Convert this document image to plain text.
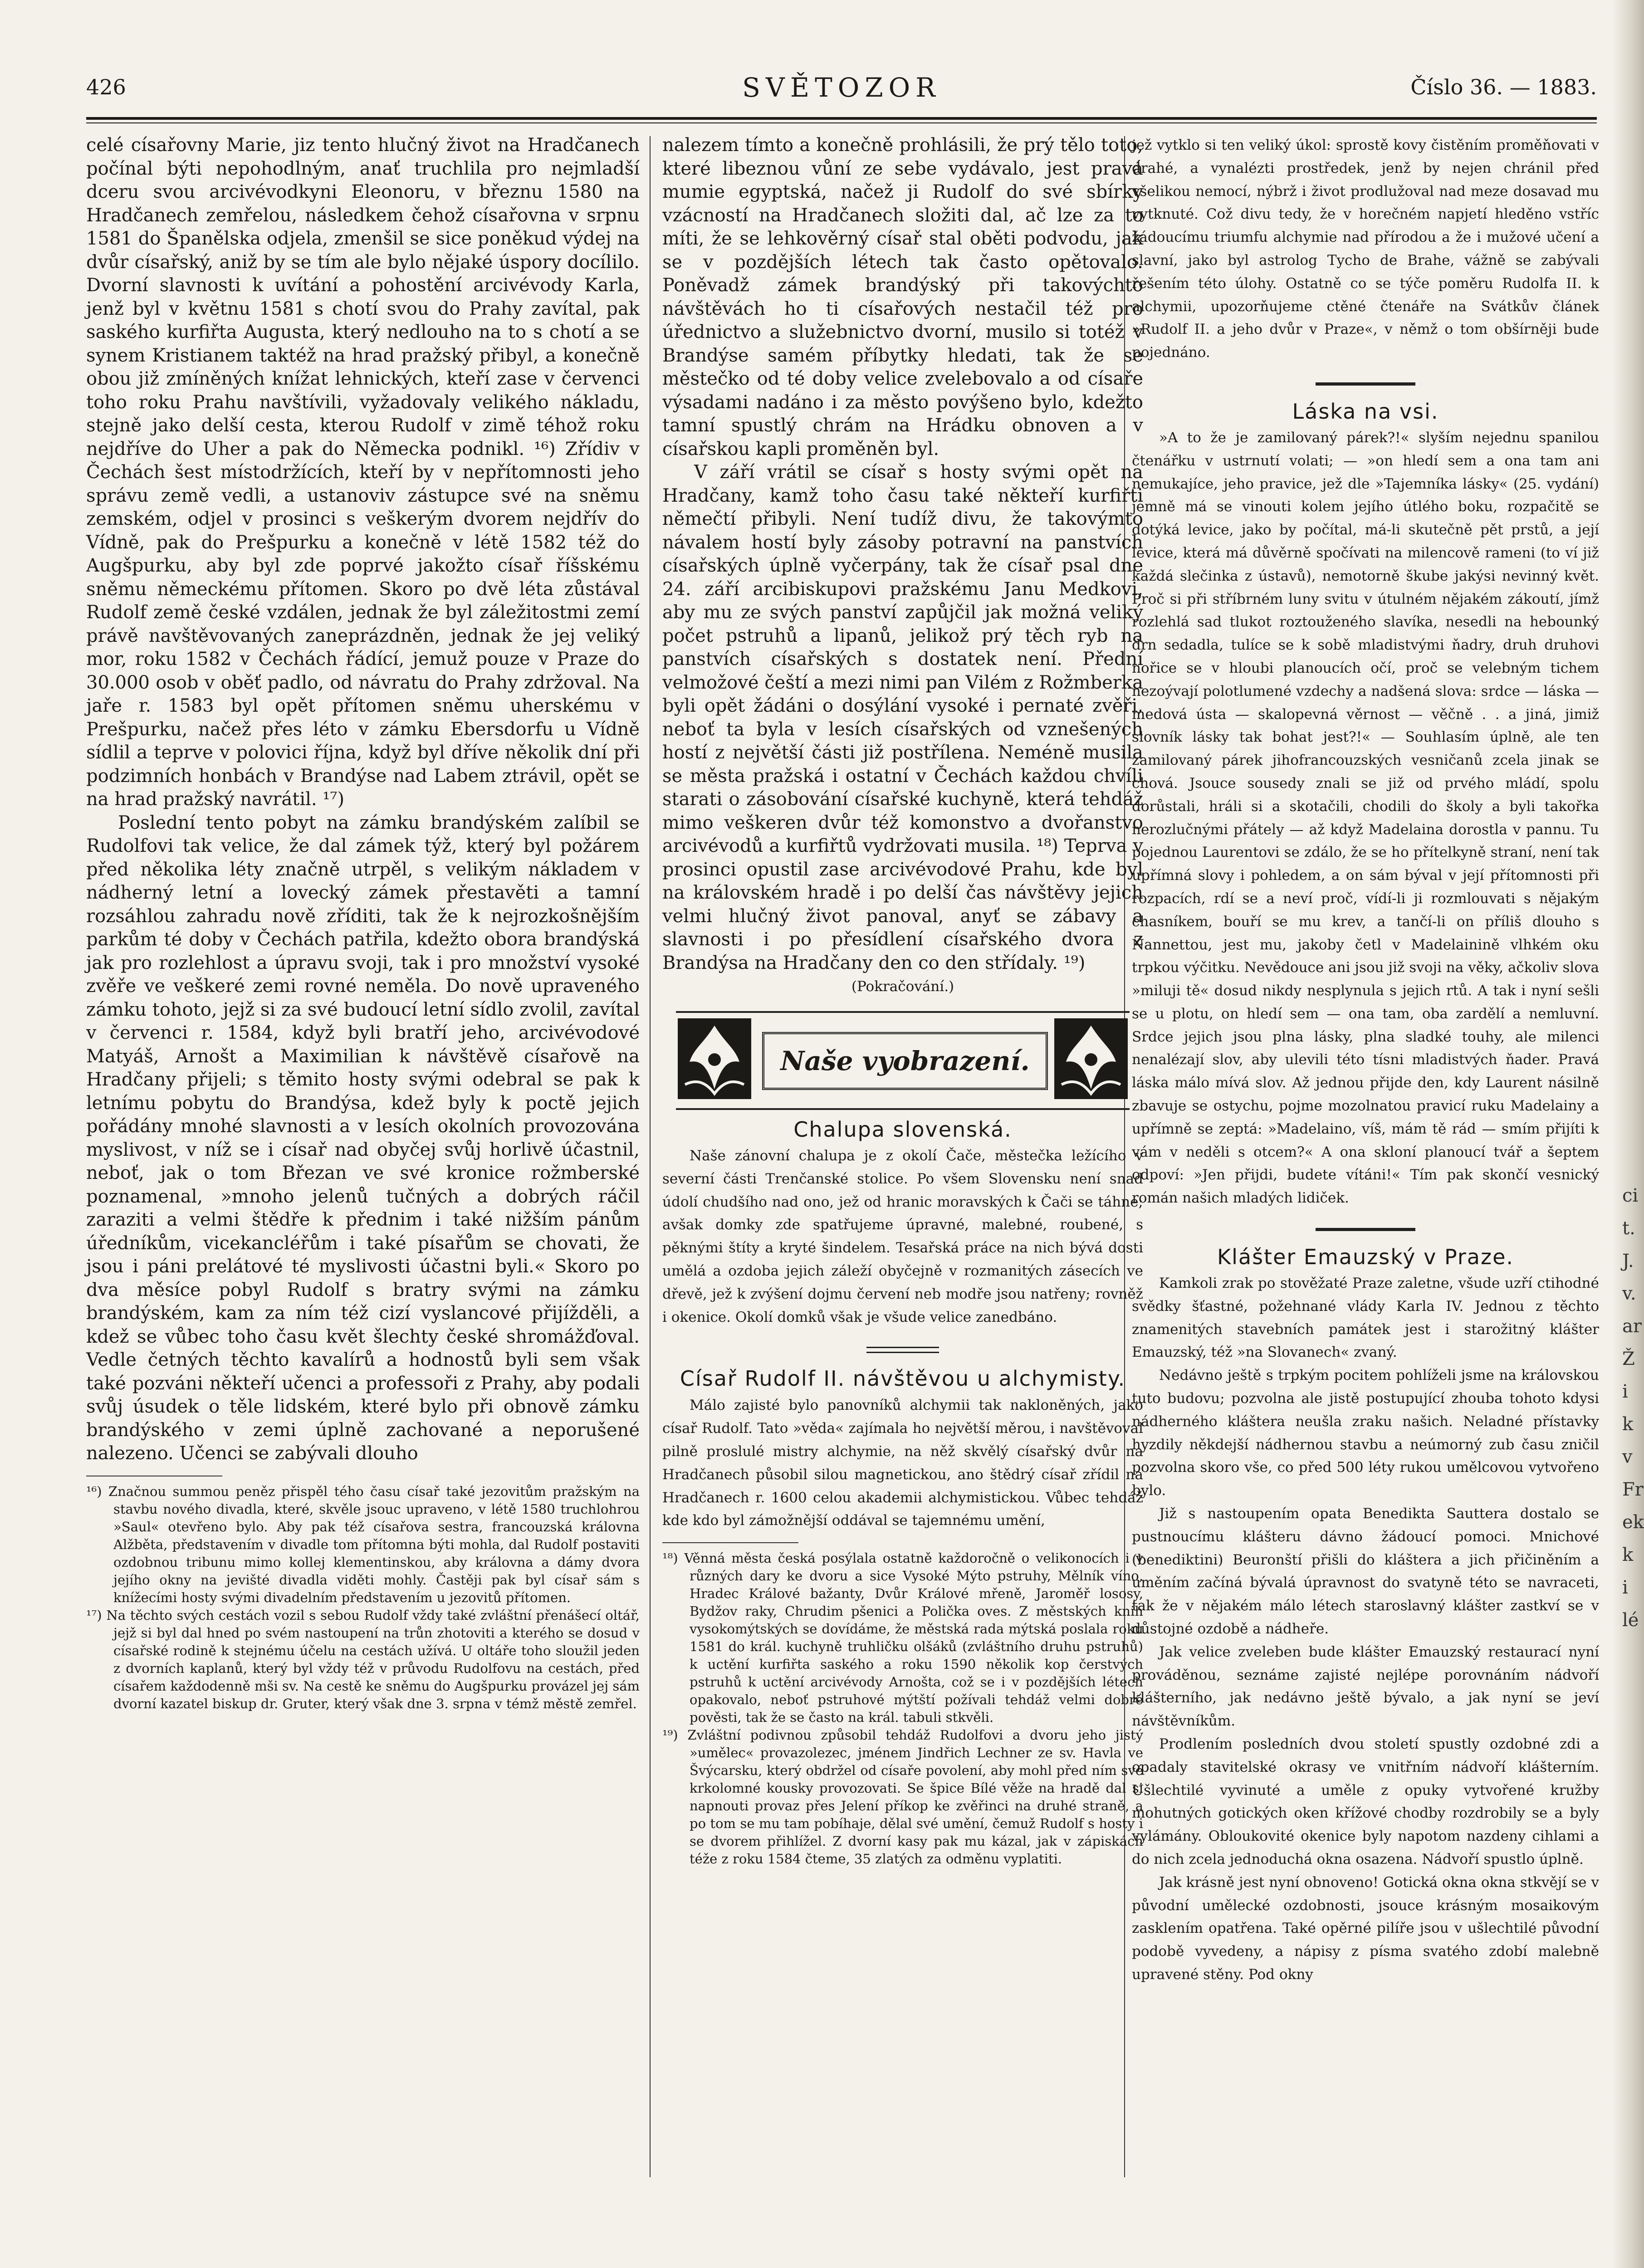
426	SVĚTOZOR	Číslo 36. — 1883.

celé císařovny Marie, jiz tento hlučný život na Hradčanech počínal býti nepohodlným, anať truchlila pro nejmladší dceru svou arcivévodkyni Eleonoru, v březnu 1580 na Hradčanech zemřelou, následkem čehož císařovna v srpnu 1581 do Španělska odjela, zmenšil se sice poněkud výdej na dvůr císařský, aniž by se tím ale bylo nějaké úspory docílilo. Dvorní slavnosti k uvítání a pohostění arcivévody Karla, jenž byl v květnu 1581 s chotí svou do Prahy zavítal, pak saského kurfiřta Augusta, který nedlouho na to s chotí a se synem Kristianem taktéž na hrad pražský přibyl, a konečně obou již zmíněných knížat lehnických, kteří zase v červenci toho roku Prahu navštívili, vyžadovaly velikého nákladu, stejně jako delší cesta, kterou Rudolf v zimě téhož roku nejdříve do Uher a pak do Německa podnikl. ¹⁶) Zřídiv v Čechách šest místodržících, kteří by v nepřítomnosti jeho správu země vedli, a ustanoviv zástupce své na sněmu zemském, odjel v prosinci s veškerým dvorem nejdřív do Vídně, pak do Prešpurku a konečně v létě 1582 též do Augšpurku, aby byl zde poprvé jakožto císař říšskému sněmu německému přítomen. Skoro po dvě léta zůstával Rudolf země české vzdálen, jednak že byl záležitostmi zemí právě navštěvovaných zaneprázdněn, jednak že jej veliký mor, roku 1582 v Čechách řádící, jemuž pouze v Praze do 30.000 osob v oběť padlo, od návratu do Prahy zdržoval. Na jaře r. 1583 byl opět přítomen sněmu uherskému v Prešpurku, načež přes léto v zámku Ebersdorfu u Vídně sídlil a teprve v polovici října, když byl dříve několik dní při podzimních honbách v Brandýse nad Labem ztrávil, opět se na hrad pražský navrátil. ¹⁷)

Poslední tento pobyt na zámku brandýském zalíbil se Rudolfovi tak velice, že dal zámek týž, který byl požárem před několika léty značně utrpěl, s velikým nákladem v nádherný letní a lovecký zámek přestavěti a tamní rozsáhlou zahradu nově zříditi, tak že k nejrozkošnějším parkům té doby v Čechách patřila, kdežto obora brandýská jak pro rozlehlost a úpravu svoji, tak i pro množství vysoké zvěře ve veškeré zemi rovné neměla. Do nově upraveného zámku tohoto, jejž si za své budoucí letní sídlo zvolil, zavítal v červenci r. 1584, když byli bratří jeho, arcivévodové Matyáš, Arnošt a Maximilian k návštěvě císařově na Hradčany přijeli; s těmito hosty svými odebral se pak k letnímu pobytu do Brandýsa, kdež byly k poctě jejich pořádány mnohé slavnosti a v lesích okolních provozována myslivost, v níž se i císař nad obyčej svůj horlivě účastnil, neboť, jak o tom Březan ve své kronice rožmberské poznamenal, »mnoho jelenů tučných a dobrých ráčil zaraziti a velmi štědře k přednim i také nižším pánům úředníkům, vicekancléřům i také písařům se chovati, že jsou i páni prelátové té myslivosti účastni byli.« Skoro po dva měsíce pobyl Rudolf s bratry svými na zámku brandýském, kam za ním též cizí vyslancové přijížděli, a kdež se vůbec toho času květ šlechty české shromážďoval. Vedle četných těchto kavalírů a hodnostů byli sem však také pozváni někteří učenci a professoři z Prahy, aby podali svůj úsudek o těle lidském, které bylo při obnově zámku brandýského v zemi úplně zachované a neporušené nalezeno. Učenci se zabývali dlouho

¹⁶) Značnou summou peněz přispěl tého času císař také jezovitům pražským na stavbu nového divadla, které, skvěle jsouc upraveno, v létě 1580 truchlohrou »Saul« otevřeno bylo. Aby pak též císařova sestra, francouzská královna Alžběta, představením v divadle tom přítomna býti mohla, dal Rudolf postaviti ozdobnou tribunu mimo kollej klementinskou, aby královna a dámy dvora jejího okny na jevišté divadla viděti mohly. Častěji pak byl císař sám s knížecími hosty svými divadelním představením u jezovitů přítomen.

¹⁷) Na těchto svých cestách vozil s sebou Rudolf vždy také zvláštní přenášecí oltář, jejž si byl dal hned po svém nastoupení na trůn zhotoviti a kterého se dosud v císařské rodině k stejnému účelu na cestách užívá. U oltáře toho sloužil jeden z dvorních kaplanů, který byl vždy též v průvodu Rudolfovu na cestách, před císařem každodenně mši sv. Na cestě ke sněmu do Augšpurku provázel jej sám dvorní kazatel biskup dr. Gruter, který však dne 3. srpna v témž městě zemřel.

nalezem tímto a konečně prohlásili, že prý tělo toto, které libeznou vůní ze sebe vydávalo, jest pravá mumie egyptská, načež ji Rudolf do své sbírky vzácností na Hradčanech složiti dal, ač lze za to míti, že se lehkověrný císař stal oběti podvodu, jak se v pozdějších létech tak často opětovalo. Poněvadž zámek brandýský při takovýchto návštěvách ho ti císařových nestačil též pro úřednictvo a služebnictvo dvorní, musilo si totéž v Brandýse samém příbytky hledati, tak že se městečko od té doby velice zvelebovalo a od císaře výsadami nadáno i za město povýšeno bylo, kdežto tamní spustlý chrám na Hrádku obnoven a v císařskou kapli proměněn byl.

V září vrátil se císař s hosty svými opět na Hradčany, kamž toho času také někteří kurfiřti němečtí přibyli. Není tudíž divu, že takovýmto návalem hostí byly zásoby potravní na panstvích císařských úplně vyčerpány, tak že císař psal dne 24. září arcibiskupovi pražskému Janu Medkovi, aby mu ze svých panství zapůjčil jak možná veliký počet pstruhů a lipanů, jelikož prý těch ryb na panstvích císařských s dostatek není. Přední velmožové čeští a mezi nimi pan Vilém z Rožmberka byli opět žádáni o dosýlání vysoké i pernaté zvěři, neboť ta byla v lesích císařských od vznešených hostí z největší části již postřílena. Neméně musila se města pražská i ostatní v Čechách každou chvíli starati o zásobování císařské kuchyně, která tehdáž mimo veškeren dvůr též komonstvo a dvořanstvo arcivévodů a kurfiřtů vydržovati musila. ¹⁸) Teprva v prosinci opustil zase arcivévodové Prahu, kde byl na královském hradě i po delší čas návštěvy jejich velmi hlučný život panoval, anyť se zábavy a slavnosti i po přesídlení císařského dvora z Brandýsa na Hradčany den co den střídaly. ¹⁹)

(Pokračování.)

Naše vyobrazení.
Chalupa slovenská.

Naše zánovní chalupa je z okolí Čače, městečka ležícího v severní části Trenčanské stolice. Po všem Slovensku není snad údolí chudšího nad ono, jež od hranic moravských k Čači se táhne; avšak domky zde spatřujeme úpravné, malebné, roubené, s pěknými štíty a kryté šindelem. Tesařská práce na nich bývá dosti umělá a ozdoba jejich záleží obyčejně v rozmanitých zásecích ve dřevě, jež k zvýšení dojmu červení neb modře jsou natřeny; rovněž i okenice. Okolí domků však je všude velice zanedbáno.

Císař Rudolf II. návštěvou u alchymisty.

Málo zajisté bylo panovníků alchymii tak nakloněných, jako císař Rudolf. Tato »věda« zajímala ho největší měrou, i navštěvoval pilně proslulé mistry alchymie, na něž skvělý císařský dvůr na Hradčanech působil silou magnetickou, ano štědrý císař zřídil na Hradčanech r. 1600 celou akademii alchymistickou. Vůbec tehdáž kde kdo byl zámožnější oddával se tajemnému umění,

¹⁸) Věnná města česká posýlala ostatně každoročně o velikonocích i v různých dary ke dvoru a sice Vysoké Mýto pstruhy, Mělník víno, Hradec Králové bažanty, Dvůr Králové mřeně, Jaroměř lososy, Bydžov raky, Chrudim pšenici a Polička oves. Z městských knih vysokomýtských se dovídáme, že městská rada mýtská poslala roku 1581 do král. kuchyně truhličku olšáků (zvláštního druhu pstruhů) k uctění kurfiřta saského a roku 1590 několik kop čerstvých pstruhů k uctění arcivévody Arnošta, což se i v pozdějších létech opakovalo, neboť pstruhové mýtští požívali tehdáž velmi dobré pověsti, tak že se často na král. tabuli stkvěli.

¹⁹) Zvláštní podivnou způsobil tehdáž Rudolfovi a dvoru jeho jistý »umělec« provazolezec, jménem Jindřich Lechner ze sv. Havla ve Švýcarsku, který obdržel od císaře povolení, aby mohl před ním své krkolomné kousky provozovati. Se špice Bílé věže na hradě dal si napnouti provaz přes Jelení příkop ke zvěřinci na druhé straně, a po tom se mu tam pobíhaje, dělal své umění, čemuž Rudolf s hosty i se dvorem přihlížel. Z dvorní kasy pak mu kázal, jak v zápiskách téže z roku 1584 čteme, 35 zlatých za odměnu vyplatiti.

jež vytklo si ten veliký úkol: sprostě kovy čistěním proměňovati v drahé, a vynalézti prostředek, jenž by nejen chránil před všelikou nemocí, nýbrž i život prodlužoval nad meze dosavad mu vytknuté. Což divu tedy, že v horečném napjetí hleděno vstříc žádoucímu triumfu alchymie nad přírodou a že i mužové učení a slavní, jako byl astrolog Tycho de Brahe, vážně se zabývali řešením této úlohy. Ostatně co se týče poměru Rudolfa II. k alchymii, upozorňujeme ctěné čtenáře na Svátkův článek »Rudolf II. a jeho dvůr v Praze«, v němž o tom obšírněji bude pojednáno.

Láska na vsi.

»A to že je zamilovaný párek?!« slyším nejednu spanilou čtenářku v ustrnutí volati; — »on hledí sem a ona tam ani nemukajíce, jeho pravice, jež dle »Tajemníka lásky« (25. vydání) jemně má se vinouti kolem jejího útlého boku, rozpačitě se dotýká levice, jako by počítal, má-li skutečně pět prstů, a její levice, která má důvěrně spočívati na milencově rameni (to ví již každá slečinka z ústavů), nemotorně škube jakýsi nevinný květ. Proč si při stříbrném luny svitu v útulném nějakém zákoutí, jímž rozlehlá sad tlukot roztouženého slavíka, nesedli na hebounký drn sedadla, tulíce se k sobě mladistvými ňadry, druh druhovi nořice se v hloubi planoucích očí, proč se velebným tichem nezoývají polotlumené vzdechy a nadšená slova: srdce — láska — medová ústa — skalopevná věrnost — věčně . . a jiná, jimiž slovník lásky tak bohat jest?!« — Souhlasím úplně, ale ten zamilovaný párek jihofrancouzských vesničanů zcela jinak se chová. Jsouce sousedy znali se již od prvého mládí, spolu dorůstali, hráli si a skotačili, chodili do školy a byli takořka nerozlučnými přátely — až když Madelaina dorostla v pannu. Tu pojednou Laurentovi se zdálo, že se ho přítelkyně straní, není tak upřímná slovy i pohledem, a on sám býval v její přítomnosti při rozpacích, rdí se a neví proč, vídí-li ji rozmlouvati s nějakým chasníkem, bouří se mu krev, a tančí-li on příliš dlouho s Nannettou, jest mu, jakoby četl v Madelainině vlhkém oku trpkou výčitku. Nevědouce ani jsou již svoji na věky, ačkoliv slova »miluji tě« dosud nikdy nesplynula s jejich rtů. A tak i nyní sešli se u plotu, on hledí sem — ona tam, oba zardělí a nemluvní. Srdce jejich jsou plna lásky, plna sladké touhy, ale milenci nenalézají slov, aby ulevili této tísni mladistvých ňader. Pravá láska málo mívá slov. Až jednou přijde den, kdy Laurent násilně zbavuje se ostychu, pojme mozolnatou pravicí ruku Madelainy a upřímně se zeptá: »Madelaino, víš, mám tě rád — smím přijíti k vám v neděli s otcem?« A ona skloní planoucí tvář a šeptem odpoví: »Jen přijdi, budete vítáni!« Tím pak skončí vesnický román našich mladých lidiček.

Klášter Emauzský v Praze.

Kamkoli zrak po stověžaté Praze zaletne, všude uzří ctihodné svědky šťastné, požehnané vlády Karla IV. Jednou z těchto znamenitých stavebních památek jest i starožitný klášter Emauzský, též »na Slovanech« zvaný.

Nedávno ještě s trpkým pocitem pohlíželi jsme na královskou tuto budovu; pozvolna ale jistě postupující zhouba tohoto kdysi nádherného kláštera neušla zraku našich. Neladné přístavky hyzdily někdejší nádhernou stavbu a neúmorný zub času zničil pozvolna skoro vše, co před 500 léty rukou umělcovou vytvořeno bylo.

Již s nastoupením opata Benedikta Sauttera dostalo se pustnoucímu klášteru dávno žádoucí pomoci. Mnichové (benediktini) Beuronští přišli do kláštera a jich přičiněním a uměním začíná bývalá úpravnost do svatyně této se navraceti, tak že v nějakém málo létech staroslavný klášter zastkví se v důstojné ozdobě a nádheře.

Jak velice zveleben bude klášter Emauzský restaurací nyní prováděnou, seznáme zajisté nejlépe porovnáním nádvoří klášterního, jak nedávno ještě bývalo, a jak nyní se jeví návštěvníkům.

Prodlením posledních dvou století spustly ozdobné zdi a opadaly stavitelské okrasy ve vnitřním nádvoří klášterním. Ušlechtilé vyvinuté a uměle z opuky vytvořené kružby mohutných gotických oken křížové chodby rozdrobily se a byly vylámány. Obloukovité okenice byly napotom nazdeny cihlami a do nich zcela jednoduchá okna osazena. Nádvoří spustlo úplně.

Jak krásně jest nyní obnoveno! Gotická okna okna stkvějí se v původní umělecké ozdobnosti, jsouce krásným mosaikovým zasklením opatřena. Také opěrné pilíře jsou v ušlechtilé původní podobě vyvedeny, a nápisy z písma svatého zdobí malebně upravené stěny. Pod okny

ci t. J. v. ar Ž i k v Fr ek k i lé
